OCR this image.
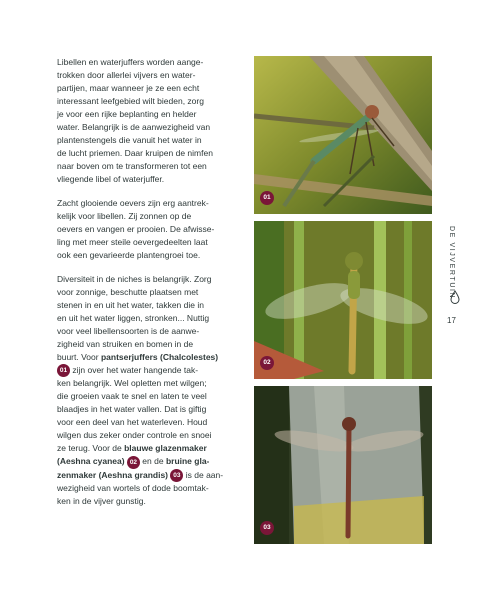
Libellen en waterjuffers worden aange-
trokken door allerlei vijvers en water-
partijen, maar wanneer je ze een echt
interessant leefgebied wilt bieden, zorg
je voor een rijke beplanting en helder
water. Belangrijk is de aanwezigheid van
plantenstengels die vanuit het water in
de lucht priemen. Daar kruipen de nimfen
naar boven om te transformeren tot een
vliegende libel of waterjuffer.

Zacht glooiende oevers zijn erg aantrek-
kelijk voor libellen. Zij zonnen op de
oevers en vangen er prooien. De afwisse-
ling met meer steile oevergedeelten laat
ook een gevarieerde plantengroei toe.

Diversiteit in de niches is belangrijk. Zorg
voor zonnige, beschutte plaatsen met
stenen in en uit het water, takken die in
en uit het water liggen, stronken... Nuttig
voor veel libellensoorten is de aanwe-
zigheid van struiken en bomen in de
buurt. Voor pantserjuffers (Chalcolestes)
01 zijn over het water hangende tak-
ken belangrijk. Wel opletten met wilgen;
die groeien vaak te snel en laten te veel
blaadjes in het water vallen. Dat is giftig
voor een deel van het waterleven. Houd
wilgen dus zeker onder controle en snoei
ze terug. Voor de blauwe glazenmaker
(Aeshna cyanea) 02 en de bruine gla-
zenmaker (Aeshna grandis) 03 is de aan-
wezigheid van wortels of dode boomtak-
ken in de vijver gunstig.

01
02
03
DE VIJVERTUIN
17
